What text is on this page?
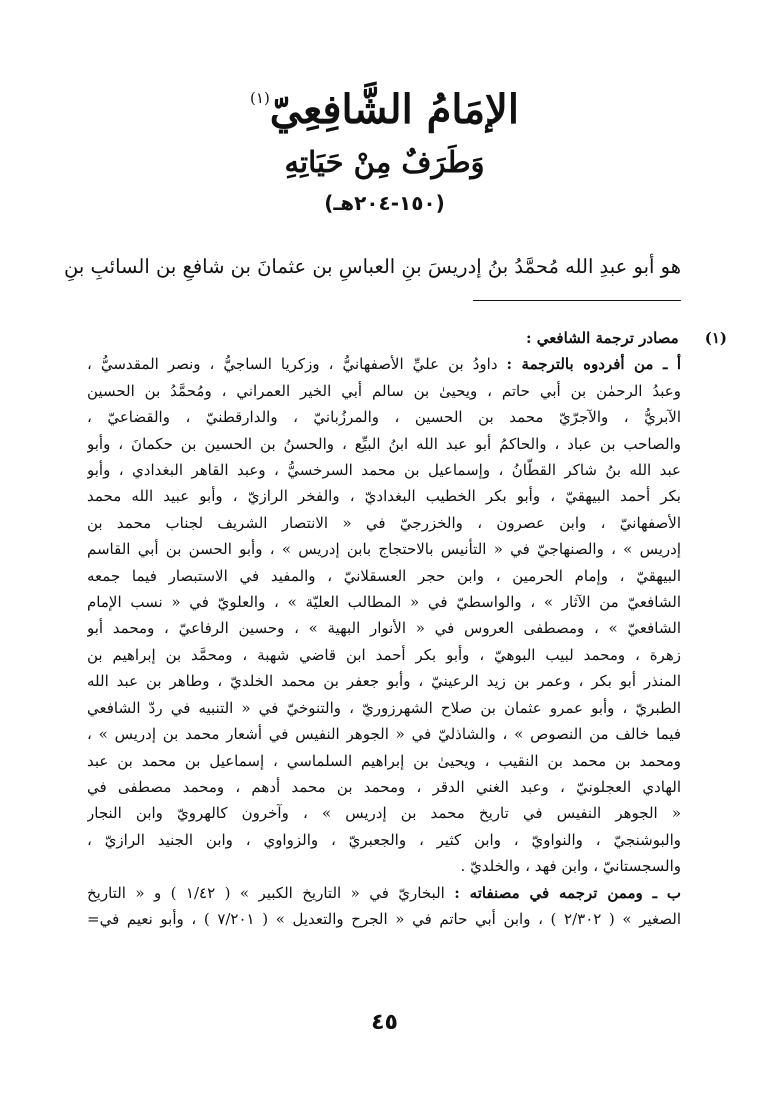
الإمَامُ الشَّافِعِيّ$^{(١)}$
وَطَرَفٌ مِنْ حَيَاتِهِ
(١٥٠-٢٠٤هـ)
هو أبو عبدِ الله مُحمَّدُ بنُ إدريسَ بنِ العباسِ بن عثمانَ بن شافعِ بن السائبِ بنِ
(١)
مصادر ترجمة الشافعي :
أ ـ من أفردوه بالترجمة : داودُ بن عليِّ الأصفهانيُّ ، وزكريا الساجيُّ ، ونصر المقدسيُّ ،
وعبدُ الرحمٰن بن أبي حاتم ، ويحيىٰ بن سالم أبي الخير العمراني ، ومُحمَّدُ بن الحسين
الآبريُّ ، والآجرّيّ محمد بن الحسين ، والمرزُبانيّ ، والدارقطنيّ ، والقضاعيّ ،
والصاحب بن عباد ، والحاكمُ أبو عبد الله ابنُ البيِّع ، والحسنُ بن الحسين بن حكمانَ ، وأبو
عبد الله بنُ شاكر القطّانُ ، وإسماعيل بن محمد السرخسيُّ ، وعبد القاهر البغدادي ، وأبو
بكر أحمد البيهقيّ ، وأبو بكر الخطيب البغداديّ ، والفخر الرازيّ ، وأبو عبيد الله محمد
الأصفهانيّ ، وابن عصرون ، والخزرجيّ في « الانتصار الشريف لجناب محمد بن
إدريس » ، والصنهاجيّ في « التأنيس بالاحتجاج بابن إدريس » ، وأبو الحسن بن أبي القاسم
البيهقيّ ، وإمام الحرمين ، وابن حجر العسقلانيّ ، والمفيد في الاستبصار فيما جمعه
الشافعيّ من الآثار » ، والواسطيّ في « المطالب العليّة » ، والعلويّ في « نسب الإمام
الشافعيّ » ، ومصطفى العروس في « الأنوار البهية » ، وحسين الرفاعيّ ، ومحمد أبو
زهرة ، ومحمد لبيب البوهيّ ، وأبو بكر أحمد ابن قاضي شهبة ، ومحمَّد بن إبراهيم بن
المنذر أبو بكر ، وعمر بن زيد الرعينيّ ، وأبو جعفر بن محمد الخلديّ ، وطاهر بن عبد الله
الطبريّ ، وأبو عمرو عثمان بن صلاح الشهرزوريّ ، والتنوخيّ في « التنبيه في ردّ الشافعي
فيما خالف من النصوص » ، والشاذليّ في « الجوهر النفيس في أشعار محمد بن إدريس » ،
ومحمد بن محمد بن النقيب ، ويحيىٰ بن إبراهيم السلماسي ، إسماعيل بن محمد بن عبد
الهادي العجلونيّ ، وعبد الغني الدقر ، ومحمد بن محمد أدهم ، ومحمد مصطفى في
« الجوهر النفيس في تاريخ محمد بن إدريس » ، وآخرون كالهرويّ وابن النجار
والبوشنجيّ ، والنواويّ ، وابن كثير ، والجعبريّ ، والزواوي ، وابن الجنيد الرازيّ ،
والسجستانيّ ، وابن فهد ، والخلديّ .
ب ـ وممن ترجمه في مصنفاته : البخاريّ في « التاريخ الكبير » ( ١/٤٢ ) و « التاريخ
الصغير » ( ٢/٣٠٢ ) ، وابن أبي حاتم في « الجرح والتعديل » ( ٧/٢٠١ ) ، وأبو نعيم في=
٤٥
